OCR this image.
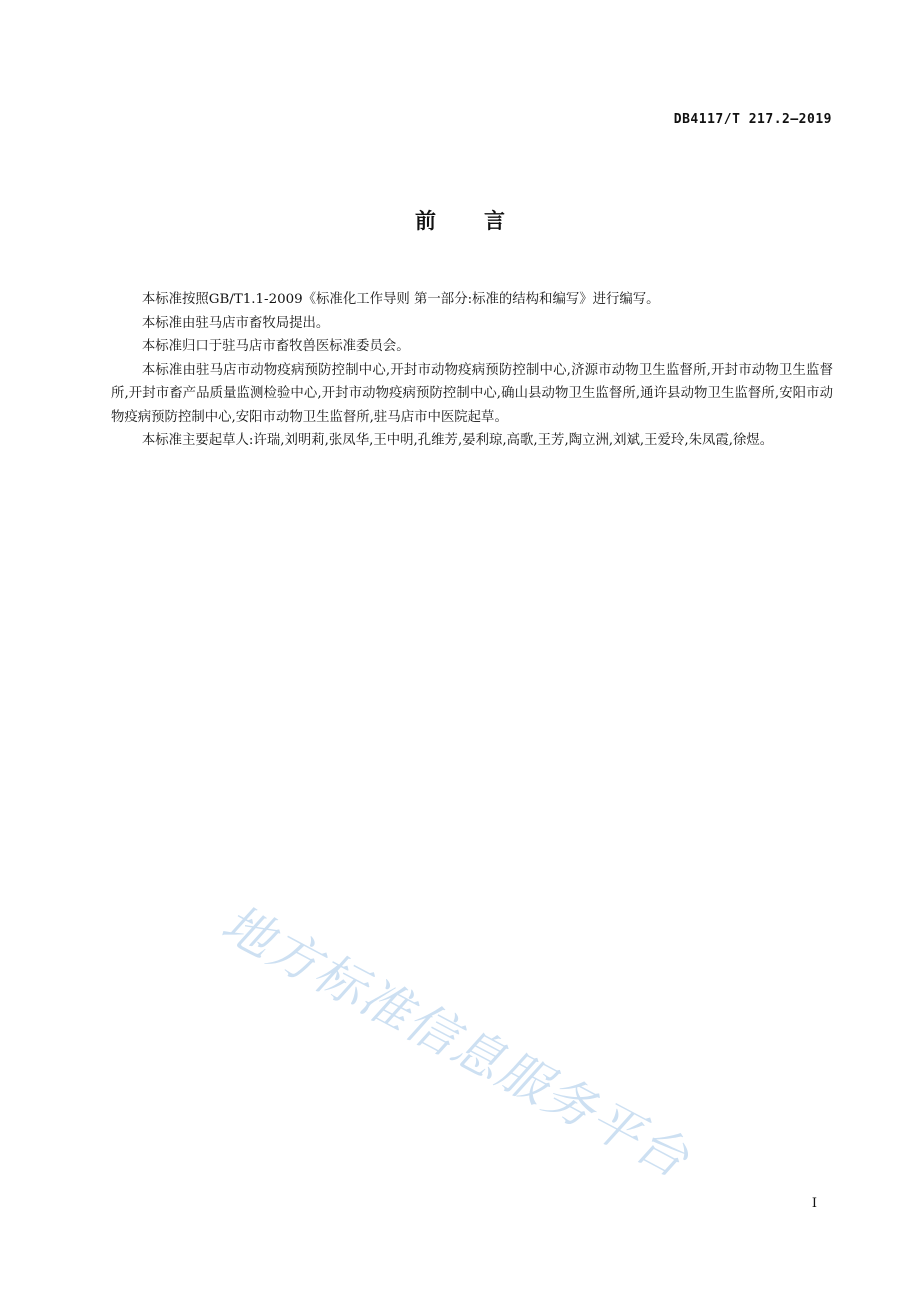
DB4117/T 217.2—2019
前言

本标准按照GB/T1.1-2009《标准化工作导则 第一部分:标准的结构和编写》进行编写。

本标准由驻马店市畜牧局提出。

本标准归口于驻马店市畜牧兽医标准委员会。

本标准由驻马店市动物疫病预防控制中心,开封市动物疫病预防控制中心,济源市动物卫生监督所,开封市动物卫生监督所,开封市畜产品质量监测检验中心,开封市动物疫病预防控制中心,确山县动物卫生监督所,通许县动物卫生监督所,安阳市动物疫病预防控制中心,安阳市动物卫生监督所,驻马店市中医院起草。

本标准主要起草人:许瑞,刘明莉,张凤华,王中明,孔维芳,晏利琼,高歌,王芳,陶立洲,刘斌,王爱玲,朱凤霞,徐煜。

地方标准信息服务平台
I
